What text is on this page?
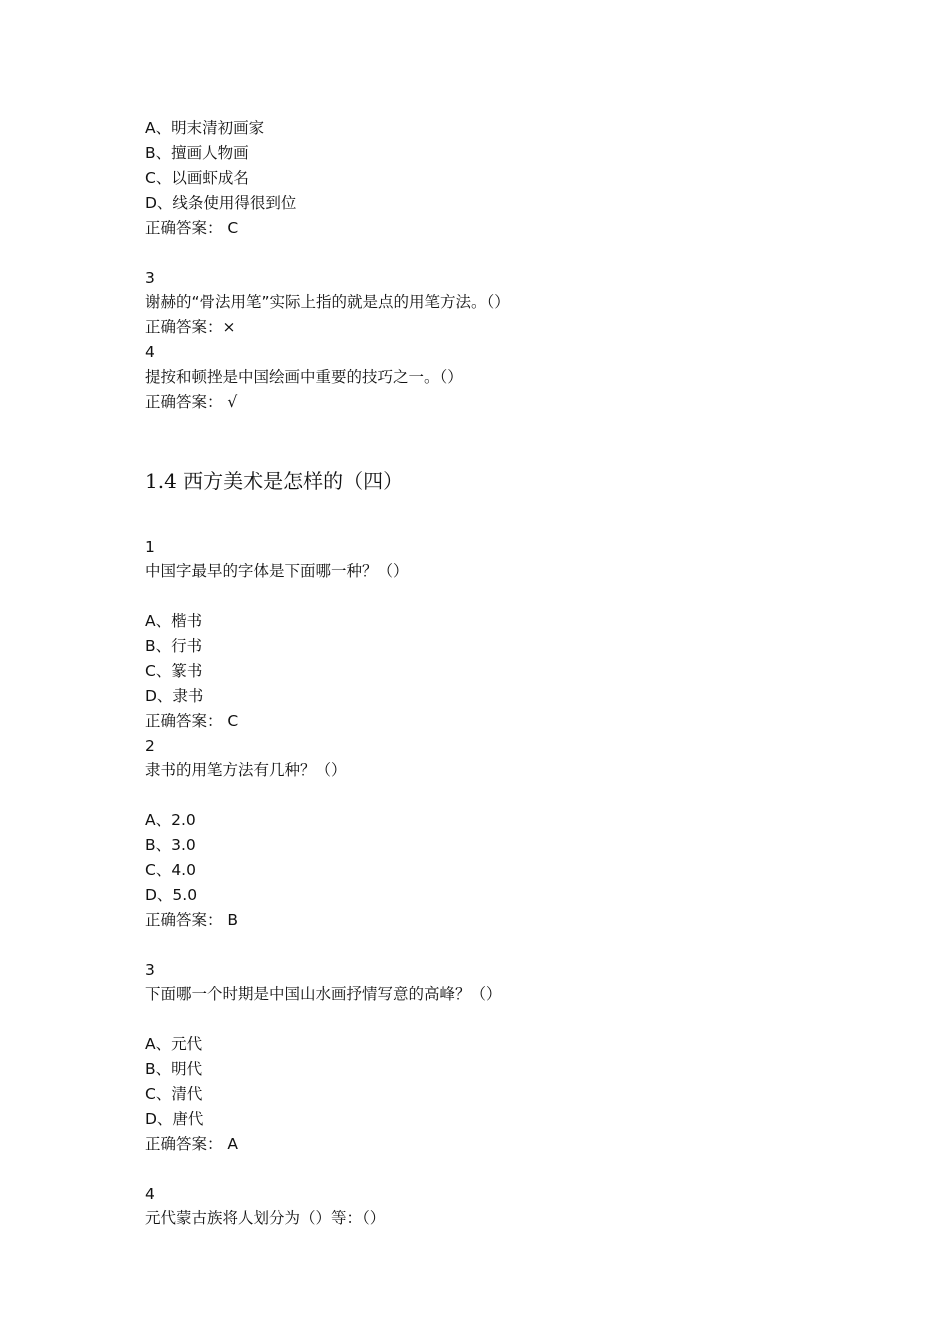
A、明末清初画家
B、擅画人物画
C、以画虾成名
D、线条使用得很到位
正确答案： C
3
谢赫的“骨法用笔”实际上指的就是点的用笔方法。（）
正确答案：×
4
提按和顿挫是中国绘画中重要的技巧之一。（）
正确答案： √
1.4 西方美术是怎样的（四）
1
中国字最早的字体是下面哪一种？（）
A、楷书
B、行书
C、篆书
D、隶书
正确答案： C
2
隶书的用笔方法有几种？（）
A、2.0
B、3.0
C、4.0
D、5.0
正确答案： B
3
下面哪一个时期是中国山水画抒情写意的高峰？（）
A、元代
B、明代
C、清代
D、唐代
正确答案： A
4
元代蒙古族将人划分为（）等：（）
